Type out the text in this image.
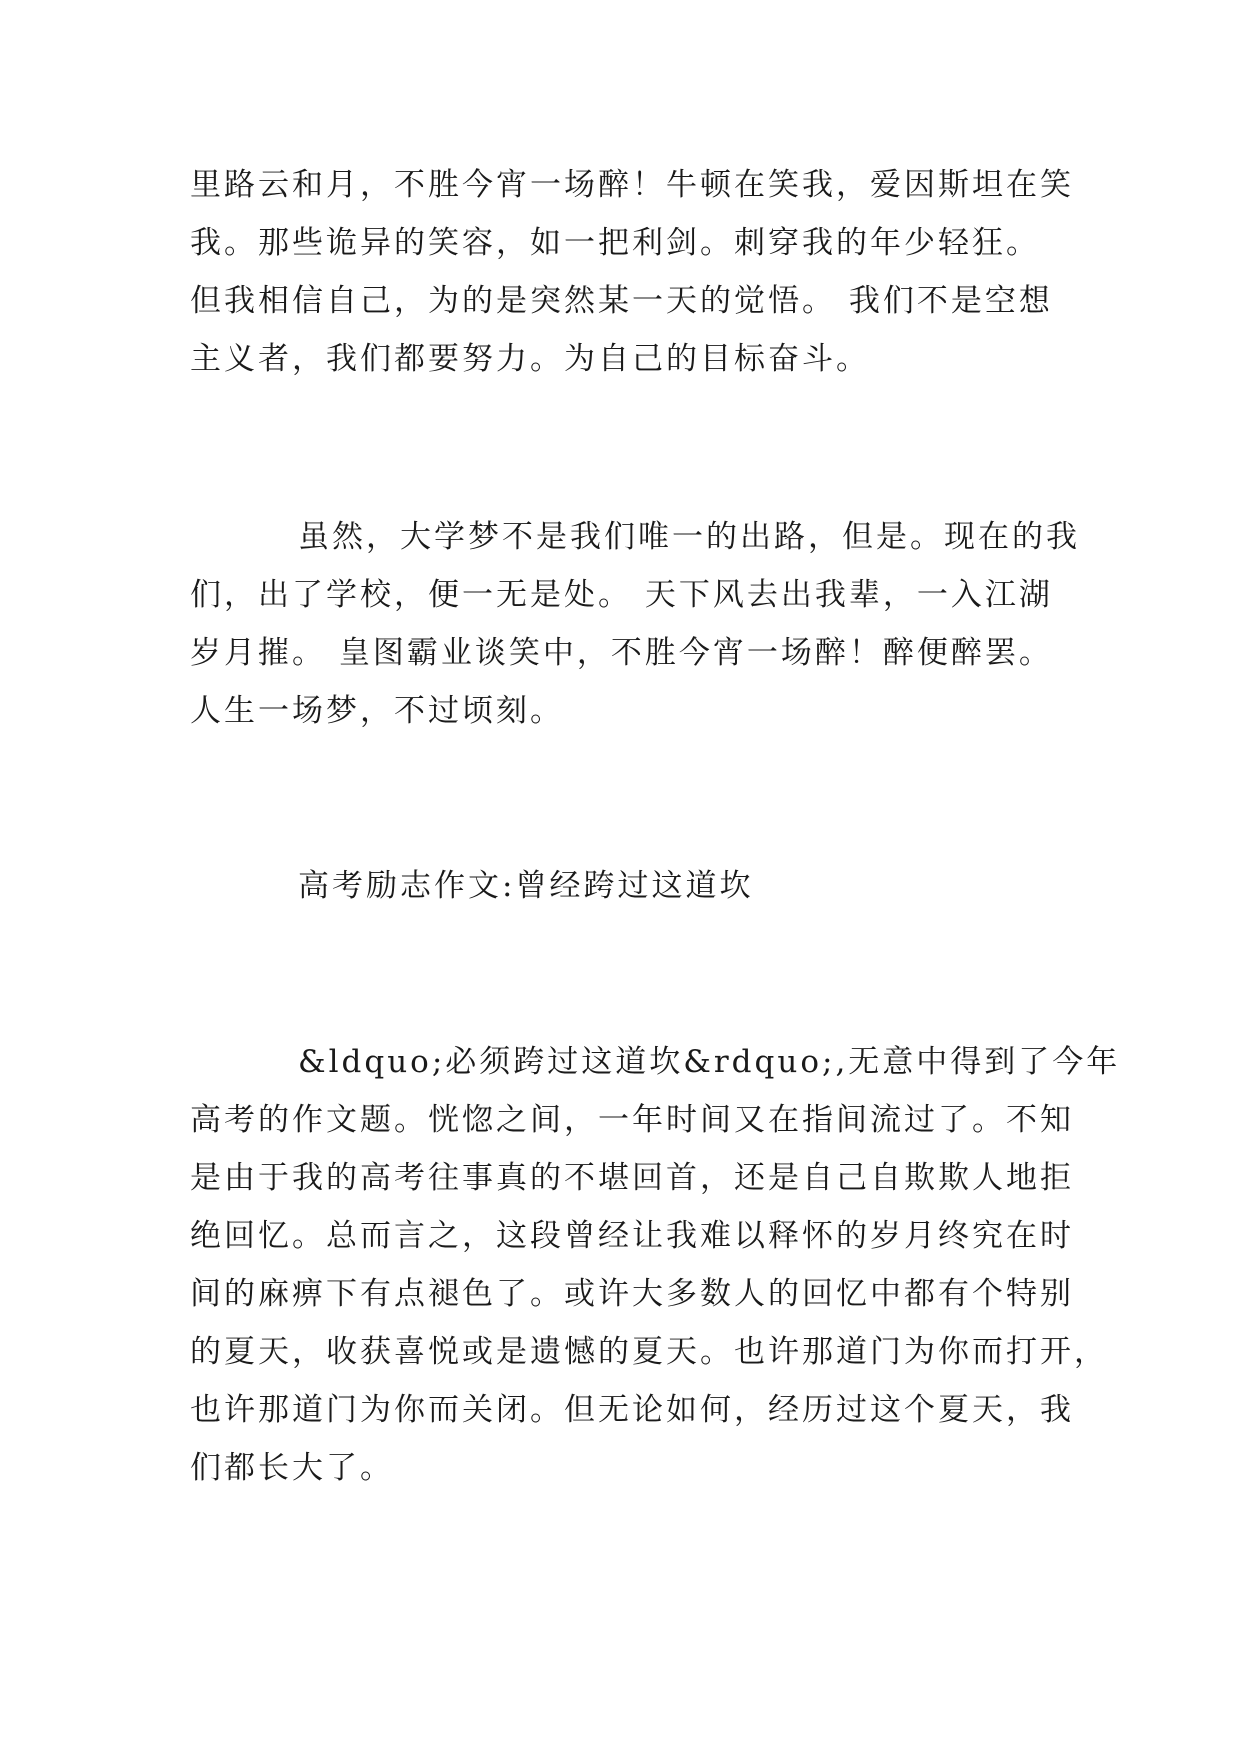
里路云和月，不胜今宵一场醉！牛顿在笑我，爱因斯坦在笑
我。那些诡异的笑容，如一把利剑。刺穿我的年少轻狂。
但我相信自己，为的是突然某一天的觉悟。 我们不是空想
主义者，我们都要努力。为自己的目标奋斗。
虽然，大学梦不是我们唯一的出路，但是。现在的我
们，出了学校，便一无是处。 天下风去出我辈，一入江湖
岁月摧。 皇图霸业谈笑中，不胜今宵一场醉！醉便醉罢。
人生一场梦，不过顷刻。
高考励志作文:曾经跨过这道坎
&ldquo;必须跨过这道坎&rdquo;,无意中得到了今年
高考的作文题。恍惚之间，一年时间又在指间流过了。不知
是由于我的高考往事真的不堪回首，还是自己自欺欺人地拒
绝回忆。总而言之，这段曾经让我难以释怀的岁月终究在时
间的麻痹下有点褪色了。或许大多数人的回忆中都有个特别
的夏天，收获喜悦或是遗憾的夏天。也许那道门为你而打开，
也许那道门为你而关闭。但无论如何，经历过这个夏天，我
们都长大了。
